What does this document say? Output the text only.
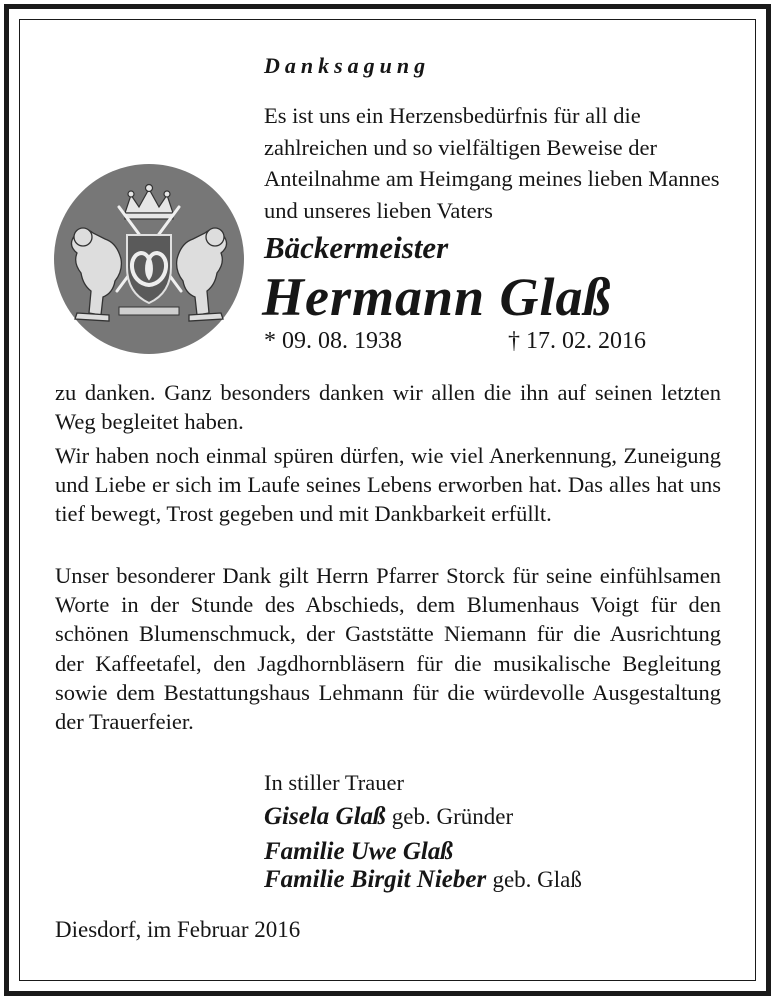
Danksagung

Es ist uns ein Herzensbedürfnis für all die zahlreichen und so vielfältigen Beweise der Anteilnahme am Heimgang meines lieben Mannes und unseres lieben Vaters

Bäckermeister
Hermann Glaß
* 09. 08. 1938	† 17. 02. 2016

zu danken. Ganz besonders danken wir allen die ihn auf seinen letzten Weg begleitet haben.

Wir haben noch einmal spüren dürfen, wie viel Anerkennung, Zuneigung und Liebe er sich im Laufe seines Lebens erworben hat. Das alles hat uns tief bewegt, Trost gegeben und mit Dankbarkeit erfüllt.

Unser besonderer Dank gilt Herrn Pfarrer Storck für seine einfühlsamen Worte in der Stunde des Abschieds, dem Blumenhaus Voigt für den schönen Blumenschmuck, der Gaststätte Niemann für die Ausrichtung der Kaffeetafel, den Jagdhornbläsern für die musikalische Begleitung sowie dem Bestattungshaus Lehmann für die würdevolle Ausgestaltung der Trauerfeier.

In stiller Trauer
Gisela Glaß geb. Gründer
Familie Uwe Glaß
Familie Birgit Nieber geb. Glaß
Diesdorf, im Februar 2016
